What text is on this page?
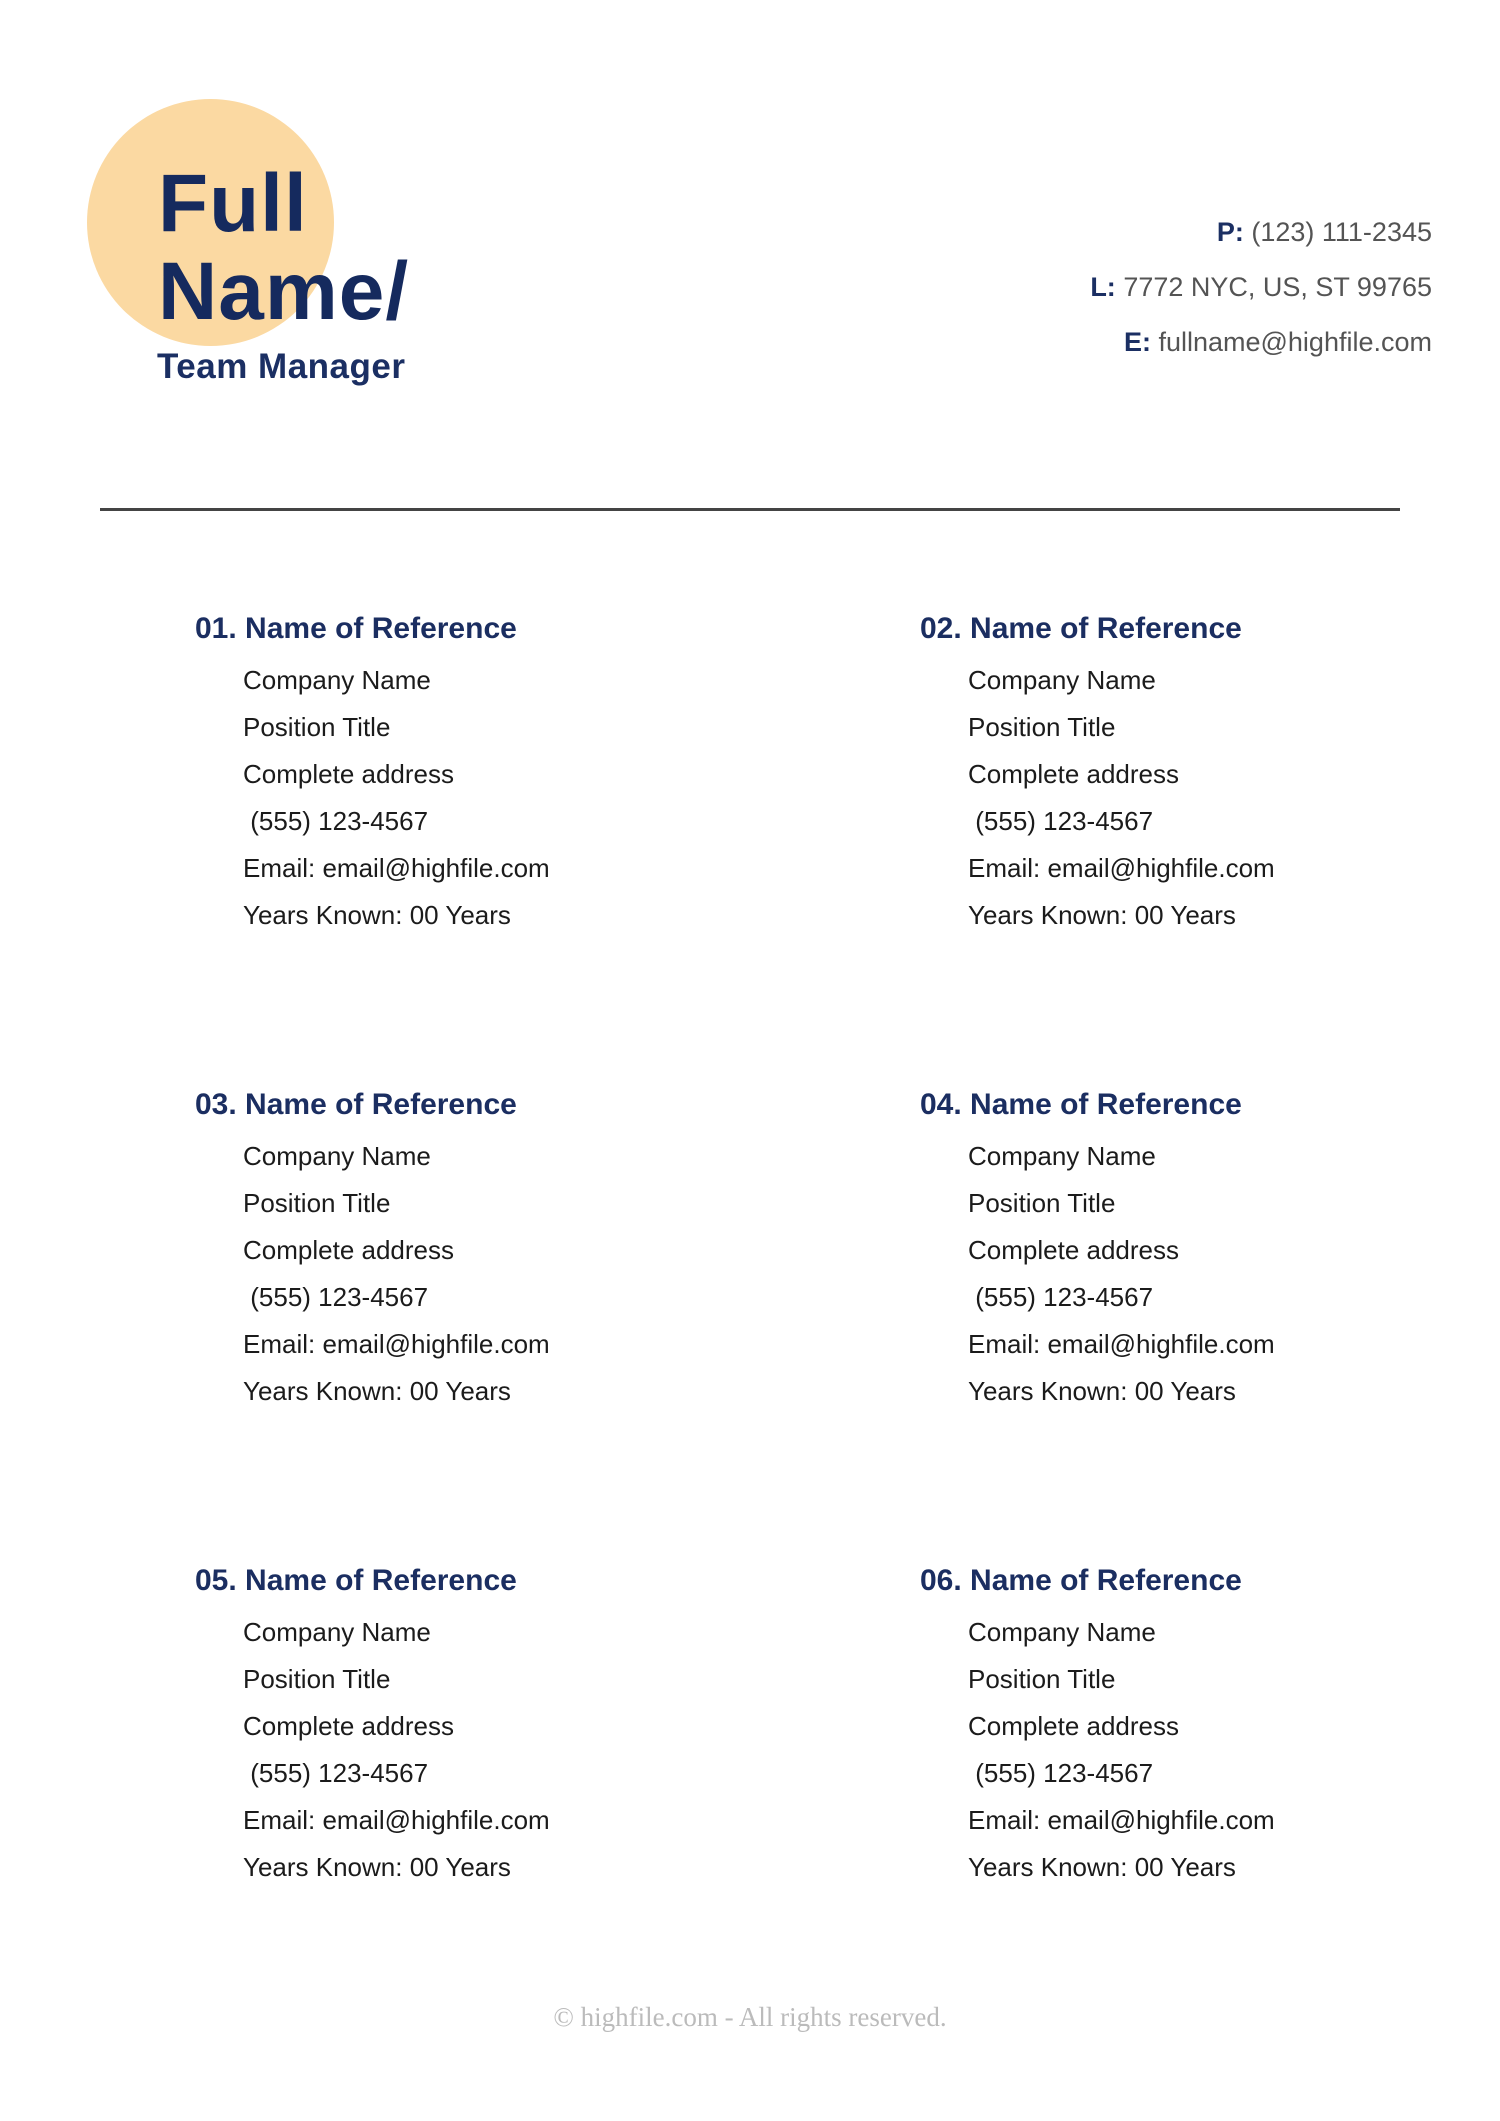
Full
Name/
Team Manager
P: (123) 111-2345
L: 7772 NYC, US, ST 99765
E: fullname@highfile.com
01. Name of Reference
Company Name
Position Title
Complete address
(555) 123-4567
Email: email@highfile.com
Years Known: 00 Years
02. Name of Reference
Company Name
Position Title
Complete address
(555) 123-4567
Email: email@highfile.com
Years Known: 00 Years
03. Name of Reference
Company Name
Position Title
Complete address
(555) 123-4567
Email: email@highfile.com
Years Known: 00 Years
04. Name of Reference
Company Name
Position Title
Complete address
(555) 123-4567
Email: email@highfile.com
Years Known: 00 Years
05. Name of Reference
Company Name
Position Title
Complete address
(555) 123-4567
Email: email@highfile.com
Years Known: 00 Years
06. Name of Reference
Company Name
Position Title
Complete address
(555) 123-4567
Email: email@highfile.com
Years Known: 00 Years
© highfile.com - All rights reserved.
